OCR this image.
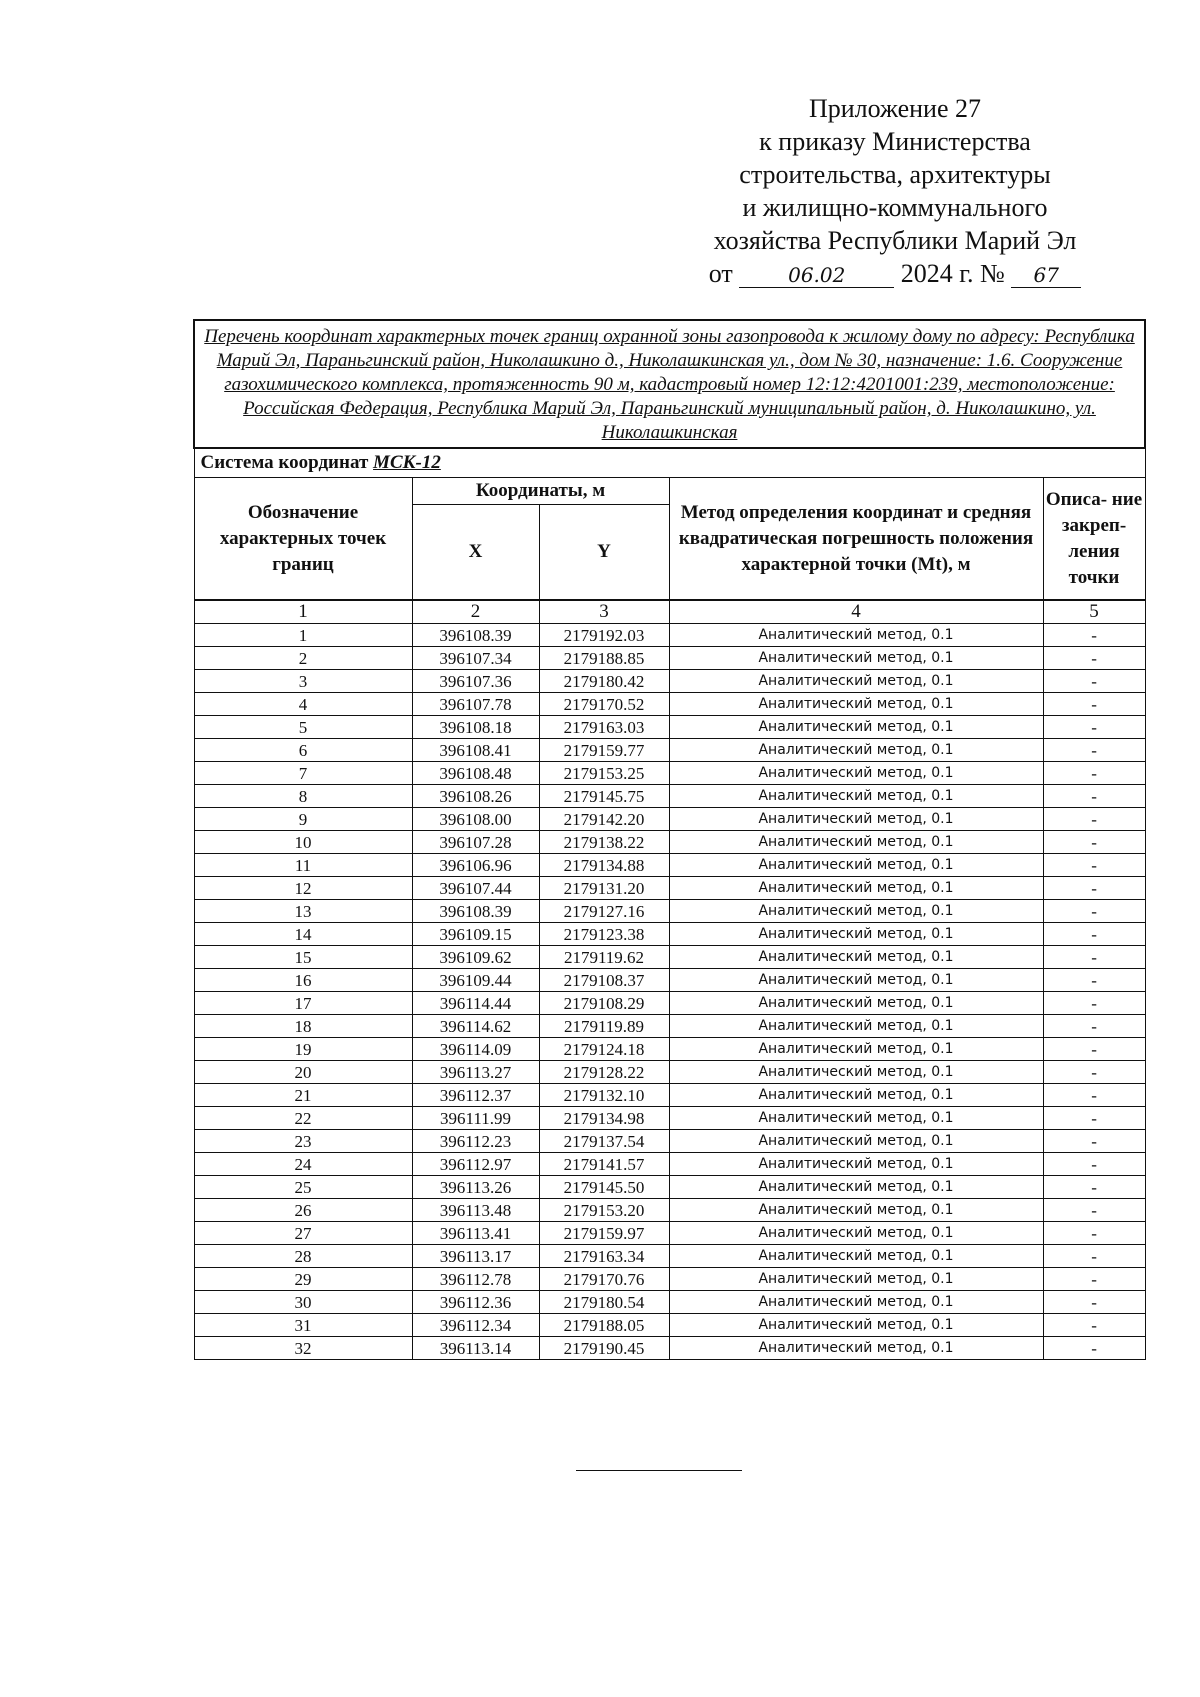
Приложение 27
к приказу Министерства
строительства, архитектуры
и жилищно-коммунального
хозяйства Республики Марий Эл
от	06.02 2024 г. № 67
Перечень координат характерных точек границ охранной зоны газопровода к жилому дому по адресу: Республика Марий Эл, Параньгинский район, Николашкино д., Николашкинская ул., дом № 30, назначение: 1.6. Сооружение газохимического комплекса, протяженность 90 м, кадастровый номер 12:12:4201001:239, местоположение: Российская Федерация, Республика Марий Эл, Параньгинский муниципальный район, д. Николашкино, ул. Николашкинская				
Система координат МСК-12				
Обозначение характерных точек границ	Координаты, м		Метод определения координат и средняя квадратическая погрешность положения характерной точки (Mt), м	Описа- ние закреп- ления точки
	X	Y		
1	2	3	4	5
1	396108.39	2179192.03	Аналитический метод, 0.1	-
2	396107.34	2179188.85	Аналитический метод, 0.1	-
3	396107.36	2179180.42	Аналитический метод, 0.1	-
4	396107.78	2179170.52	Аналитический метод, 0.1	-
5	396108.18	2179163.03	Аналитический метод, 0.1	-
6	396108.41	2179159.77	Аналитический метод, 0.1	-
7	396108.48	2179153.25	Аналитический метод, 0.1	-
8	396108.26	2179145.75	Аналитический метод, 0.1	-
9	396108.00	2179142.20	Аналитический метод, 0.1	-
10	396107.28	2179138.22	Аналитический метод, 0.1	-
11	396106.96	2179134.88	Аналитический метод, 0.1	-
12	396107.44	2179131.20	Аналитический метод, 0.1	-
13	396108.39	2179127.16	Аналитический метод, 0.1	-
14	396109.15	2179123.38	Аналитический метод, 0.1	-
15	396109.62	2179119.62	Аналитический метод, 0.1	-
16	396109.44	2179108.37	Аналитический метод, 0.1	-
17	396114.44	2179108.29	Аналитический метод, 0.1	-
18	396114.62	2179119.89	Аналитический метод, 0.1	-
19	396114.09	2179124.18	Аналитический метод, 0.1	-
20	396113.27	2179128.22	Аналитический метод, 0.1	-
21	396112.37	2179132.10	Аналитический метод, 0.1	-
22	396111.99	2179134.98	Аналитический метод, 0.1	-
23	396112.23	2179137.54	Аналитический метод, 0.1	-
24	396112.97	2179141.57	Аналитический метод, 0.1	-
25	396113.26	2179145.50	Аналитический метод, 0.1	-
26	396113.48	2179153.20	Аналитический метод, 0.1	-
27	396113.41	2179159.97	Аналитический метод, 0.1	-
28	396113.17	2179163.34	Аналитический метод, 0.1	-
29	396112.78	2179170.76	Аналитический метод, 0.1	-
30	396112.36	2179180.54	Аналитический метод, 0.1	-
31	396112.34	2179188.05	Аналитический метод, 0.1	-
32	396113.14	2179190.45	Аналитический метод, 0.1	-
